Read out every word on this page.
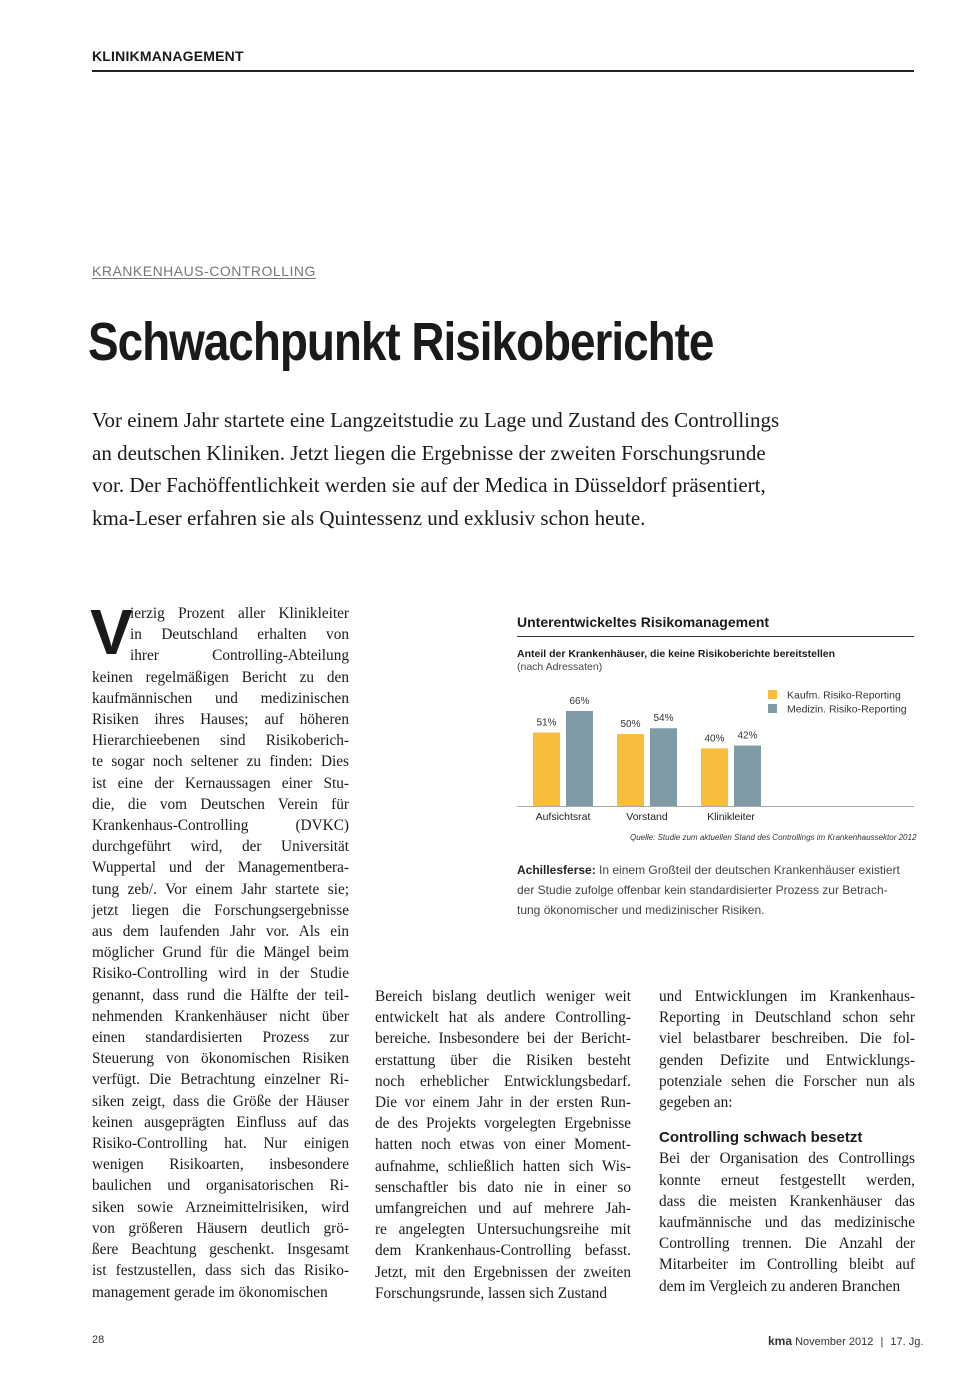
KLINIKMANAGEMENT
KRANKENHAUS-CONTROLLING
Schwachpunkt Risikoberichte
Vor einem Jahr startete eine Langzeitstudie zu Lage und Zustand des Controllings
an deutschen Kliniken. Jetzt liegen die Ergebnisse der zweiten Forschungsrunde
vor. Der Fachöffentlichkeit werden sie auf der Medica in Düsseldorf präsentiert,
kma-Leser erfahren sie als Quintessenz und exklusiv schon heute.
V
ierzig Prozent aller Klinikleiter
in Deutschland erhalten von
ihrer Controlling-Abteilung
keinen regelmäßigen Bericht zu den
kaufmännischen und medizinischen
Risiken ihres Hauses; auf höheren
Hierarchieebenen sind Risikoberich-
te sogar noch seltener zu finden: Dies
ist eine der Kernaussagen einer Stu-
die, die vom Deutschen Verein für
Krankenhaus-Controlling (DVKC)
durchgeführt wird, der Universität
Wuppertal und der Managementbera-
tung zeb/. Vor einem Jahr startete sie;
jetzt liegen die Forschungsergebnisse
aus dem laufenden Jahr vor. Als ein
möglicher Grund für die Mängel beim
Risiko-Controlling wird in der Studie
genannt, dass rund die Hälfte der teil-
nehmenden Krankenhäuser nicht über
einen standardisierten Prozess zur
Steuerung von ökonomischen Risiken
verfügt. Die Betrachtung einzelner Ri-
siken zeigt, dass die Größe der Häuser
keinen ausgeprägten Einfluss auf das
Risiko-Controlling hat. Nur einigen
wenigen Risikoarten, insbesondere
baulichen und organisatorischen Ri-
siken sowie Arzneimittelrisiken, wird
von größeren Häusern deutlich grö-
ßere Beachtung geschenkt. Insgesamt
ist festzustellen, dass sich das Risiko-
management gerade im ökonomischen
Bereich bislang deutlich weniger weit
entwickelt hat als andere Controlling-
bereiche. Insbesondere bei der Bericht-
erstattung über die Risiken besteht
noch erheblicher Entwicklungsbedarf.
Die vor einem Jahr in der ersten Run-
de des Projekts vorgelegten Ergebnisse
hatten noch etwas von einer Moment-
aufnahme, schließlich hatten sich Wis-
senschaftler bis dato nie in einer so
umfangreichen und auf mehrere Jah-
re angelegten Untersuchungsreihe mit
dem Krankenhaus-Controlling befasst.
Jetzt, mit den Ergebnissen der zweiten
Forschungsrunde, lassen sich Zustand
und Entwicklungen im Krankenhaus-
Reporting in Deutschland schon sehr
viel belastbarer beschreiben. Die fol-
genden Defizite und Entwicklungs-
potenziale sehen die Forscher nun als
gegeben an:
Controlling schwach besetzt
Bei der Organisation des Controllings
konnte erneut festgestellt werden,
dass die meisten Krankenhäuser das
kaufmännische und das medizinische
Controlling trennen. Die Anzahl der
Mitarbeiter im Controlling bleibt auf
dem im Vergleich zu anderen Branchen
Unterentwickeltes Risikomanagement
Anteil der Krankenhäuser, die keine Risikoberichte bereitstellen
(nach Adressaten)
51%
66%
Aufsichtsrat
50%
54%
Vorstand
40% 42%
Klinikleiter
Kaufm. Risiko-Reporting
Medizin. Risiko-Reporting
Quelle: Studie zum aktuellen Stand des Controllings im Krankenhaussektor 2012
Achillesferse: In einem Großteil der deutschen Krankenhäuser existiert
der Studie zufolge offenbar kein standardisierter Prozess zur Betrach-
tung ökonomischer und medizinischer Risiken.
28	kma November 2012 | 17. Jg.
